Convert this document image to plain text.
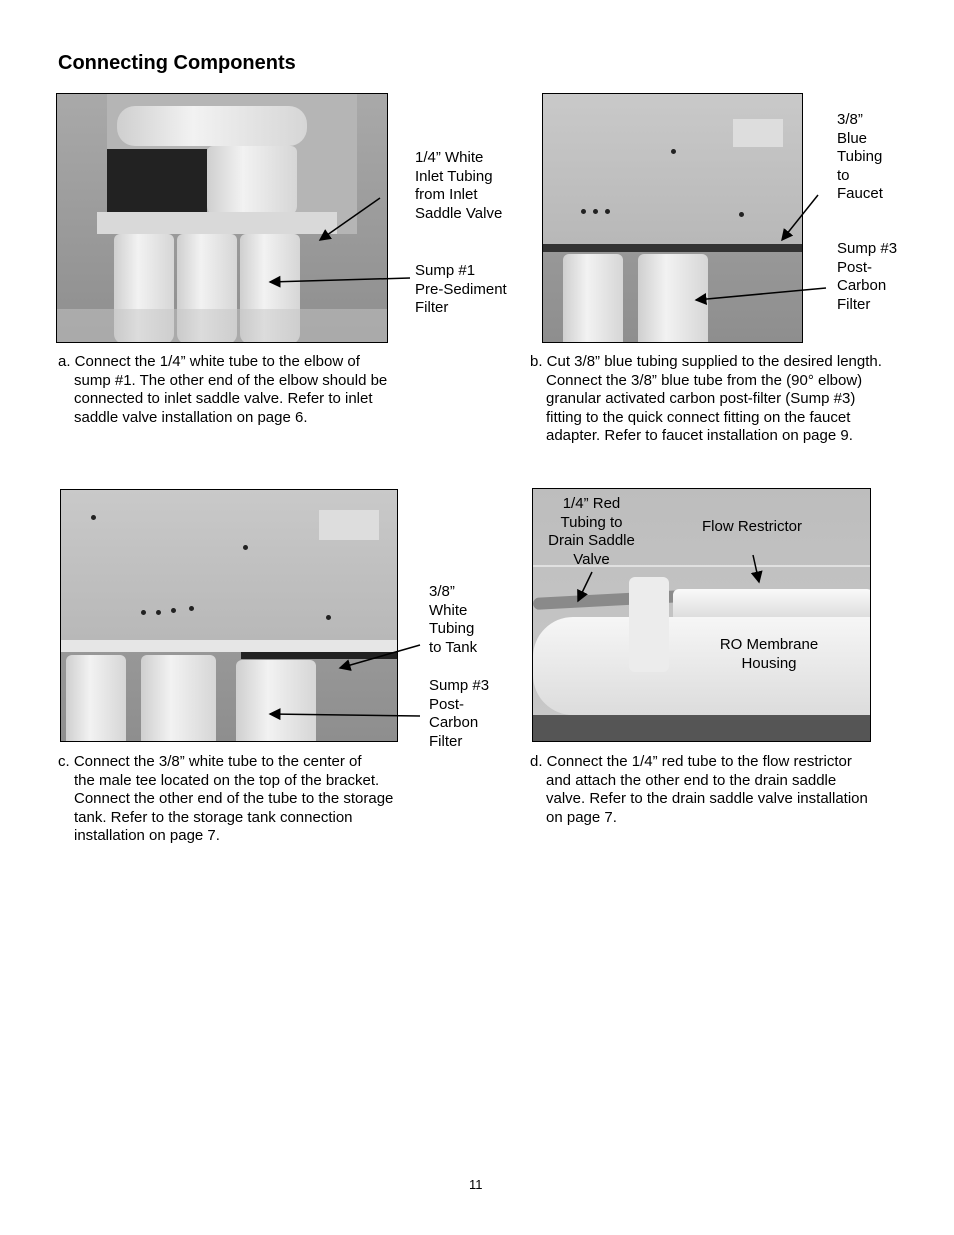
Connecting Components
1/4” White
Inlet Tubing
from Inlet
Saddle Valve
Sump #1
Pre-Sediment
Filter
a. Connect the 1/4” white tube to the elbow of
sump #1. The other end of the elbow should be
connected to inlet saddle valve. Refer to inlet
saddle valve installation on page 6.
3/8”
Blue
Tubing
to
Faucet
Sump #3
Post-
Carbon
Filter
b. Cut 3/8” blue tubing supplied to the desired length.
Connect the 3/8” blue tube from the (90° elbow)
granular activated carbon post-filter (Sump #3)
fitting to the quick connect fitting on the faucet
adapter. Refer to faucet installation on page 9.
3/8”
White
Tubing
to Tank
Sump #3
Post-
Carbon
Filter
c. Connect the 3/8” white tube to the center of
the male tee located on the top of the bracket.
Connect the other end of the tube to the storage
tank. Refer to the storage tank connection
installation on page 7.
1/4” Red
Tubing to
Drain Saddle
Valve
Flow Restrictor
RO Membrane
Housing
d. Connect the 1/4” red tube to the flow restrictor
and attach the other end to the drain saddle
valve. Refer to the drain saddle valve installation
on page 7.
11
